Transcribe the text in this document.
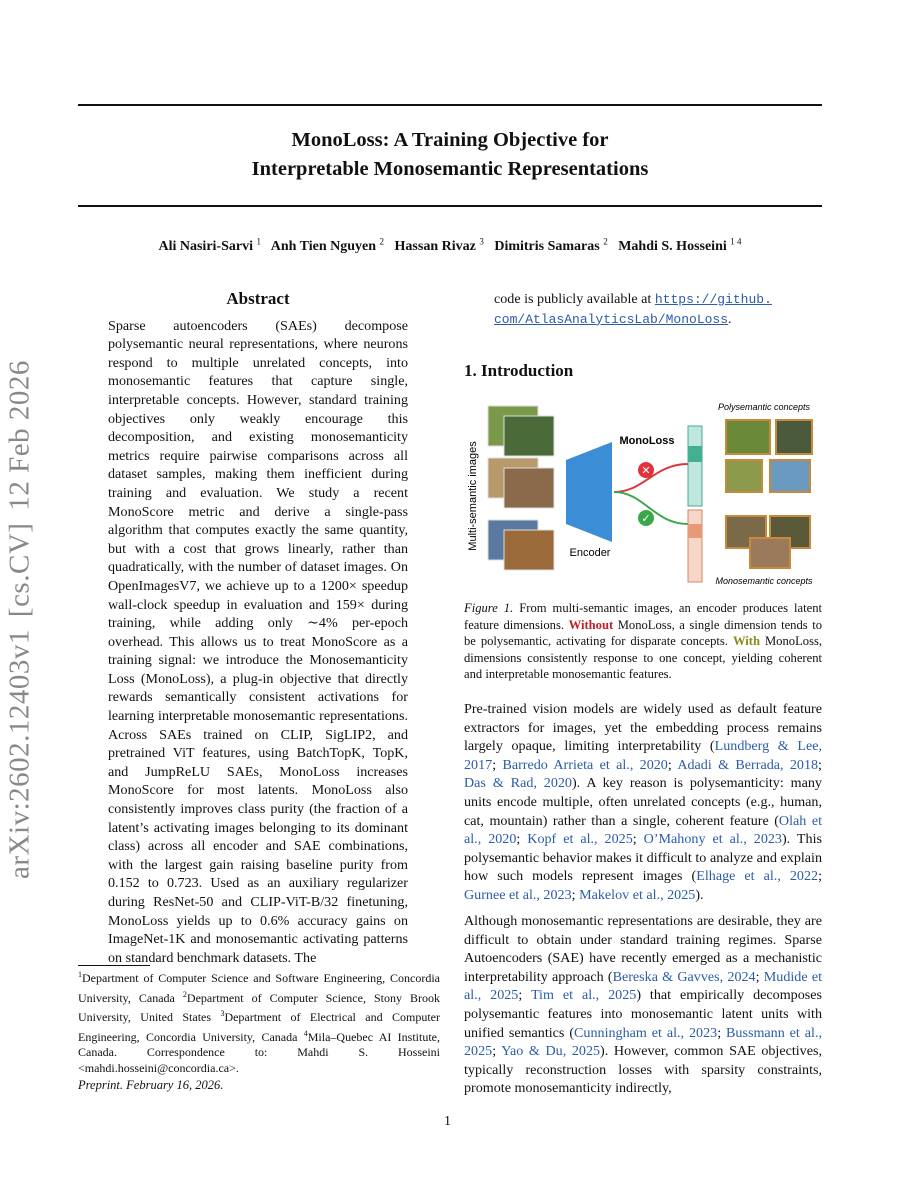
MonoLoss: A Training Objective for
Interpretable Monosemantic Representations
Ali Nasiri-Sarvi $^1$ Anh Tien Nguyen $^2$ Hassan Rivaz $^3$ Dimitris Samaras $^2$ Mahdi S. Hosseini $^{1 4}$
arXiv:2602.12403v1[cs.CV]12 Feb 2026
Abstract
Sparse autoencoders (SAEs) decompose polysemantic neural representations, where neurons respond to multiple unrelated concepts, into monosemantic features that capture single, interpretable concepts. However, standard training objectives only weakly encourage this decomposition, and existing monosemanticity metrics require pairwise comparisons across all dataset samples, making them inefficient during training and evaluation. We study a recent MonoScore metric and derive a single-pass algorithm that computes exactly the same quantity, but with a cost that grows linearly, rather than quadratically, with the number of dataset images. On OpenImagesV7, we achieve up to a 1200× speedup wall-clock speedup in evaluation and 159× during training, while adding only ∼4% per-epoch overhead. This allows us to treat MonoScore as a training signal: we introduce the Monosemanticity Loss (MonoLoss), a plug-in objective that directly rewards semantically consistent activations for learning interpretable monosemantic representations. Across SAEs trained on CLIP, SigLIP2, and pretrained ViT features, using BatchTopK, TopK, and JumpReLU SAEs, MonoLoss increases MonoScore for most latents. MonoLoss also consistently improves class purity (the fraction of a latent’s activating images belonging to its dominant class) across all encoder and SAE combinations, with the largest gain raising baseline purity from 0.152 to 0.723. Used as an auxiliary regularizer during ResNet-50 and CLIP-ViT-B/32 finetuning, MonoLoss yields up to 0.6% accuracy gains on ImageNet-1K and monosemantic activating patterns on standard benchmark datasets. The
$^1$Department of Computer Science and Software Engineering, Concordia University, Canada $^2$Department of Computer Science, Stony Brook University, United States $^3$Department of Electrical and Computer Engineering, Concordia University, Canada $^4$Mila–Quebec AI Institute, Canada. Correspondence to: Mahdi S. Hosseini <mahdi.hosseini@concordia.ca>.
Preprint. February 16, 2026.
1
code is publicly available at https://github.
com/AtlasAnalyticsLab/MonoLoss.
1. Introduction
Multi-semantic images
Encoder
MonoLoss
✕
✓
Polysemantic concepts
Monosemantic concepts
Figure 1. From multi-semantic images, an encoder produces latent feature dimensions. Without MonoLoss, a single dimension tends to be polysemantic, activating for disparate concepts. With MonoLoss, dimensions consistently response to one concept, yielding coherent and interpretable monosemantic features.

Pre-trained vision models are widely used as default feature extractors for images, yet the embedding process remains largely opaque, limiting interpretability (Lundberg & Lee, 2017; Barredo Arrieta et al., 2020; Adadi & Berrada, 2018; Das & Rad, 2020). A key reason is polysemanticity: many units encode multiple, often unrelated concepts (e.g., human, cat, mountain) rather than a single, coherent feature (Olah et al., 2020; Kopf et al., 2025; O’Mahony et al., 2023). This polysemantic behavior makes it difficult to analyze and explain how such models represent images (Elhage et al., 2022; Gurnee et al., 2023; Makelov et al., 2025).

Although monosemantic representations are desirable, they are difficult to obtain under standard training regimes. Sparse Autoencoders (SAE) have recently emerged as a mechanistic interpretability approach (Bereska & Gavves, 2024; Mudide et al., 2025; Tim et al., 2025) that empirically decomposes polysemantic features into monosemantic latent units with unified semantics (Cunningham et al., 2023; Bussmann et al., 2025; Yao & Du, 2025). However, common SAE objectives, typically reconstruction losses with sparsity constraints, promote monosemanticity indirectly,
